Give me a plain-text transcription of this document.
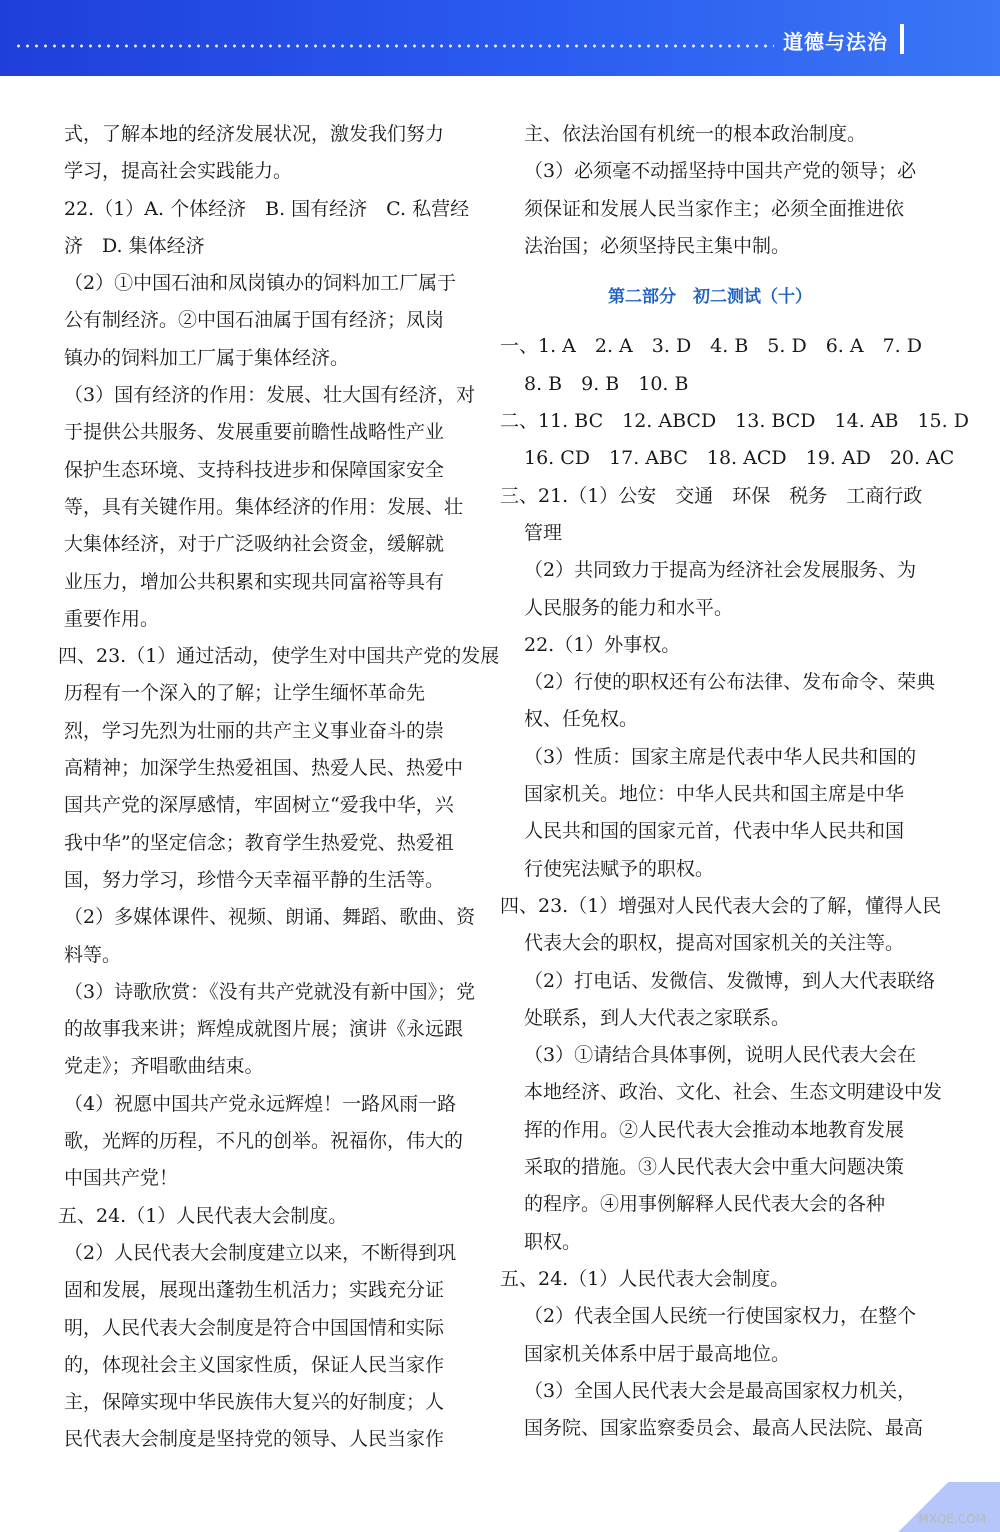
道德与法治
式，了解本地的经济发展状况，激发我们努力
学习，提高社会实践能力。
22.（1）A. 个体经济　B. 国有经济　C. 私营经
济　D. 集体经济
（2）①中国石油和凤岗镇办的饲料加工厂属于
公有制经济。②中国石油属于国有经济；凤岗
镇办的饲料加工厂属于集体经济。
（3）国有经济的作用：发展、壮大国有经济，对
于提供公共服务、发展重要前瞻性战略性产业
保护生态环境、支持科技进步和保障国家安全
等，具有关键作用。集体经济的作用：发展、壮
大集体经济，对于广泛吸纳社会资金，缓解就
业压力，增加公共积累和实现共同富裕等具有
重要作用。
四、23.（1）通过活动，使学生对中国共产党的发展
历程有一个深入的了解；让学生缅怀革命先
烈，学习先烈为壮丽的共产主义事业奋斗的崇
高精神；加深学生热爱祖国、热爱人民、热爱中
国共产党的深厚感情，牢固树立“爱我中华，兴
我中华”的坚定信念；教育学生热爱党、热爱祖
国，努力学习，珍惜今天幸福平静的生活等。
（2）多媒体课件、视频、朗诵、舞蹈、歌曲、资
料等。
（3）诗歌欣赏：《没有共产党就没有新中国》；党
的故事我来讲；辉煌成就图片展；演讲《永远跟
党走》；齐唱歌曲结束。
（4）祝愿中国共产党永远辉煌！一路风雨一路
歌，光辉的历程，不凡的创举。祝福你，伟大的
中国共产党！
五、24.（1）人民代表大会制度。
（2）人民代表大会制度建立以来，不断得到巩
固和发展，展现出蓬勃生机活力；实践充分证
明，人民代表大会制度是符合中国国情和实际
的，体现社会主义国家性质，保证人民当家作
主，保障实现中华民族伟大复兴的好制度；人
民代表大会制度是坚持党的领导、人民当家作
主、依法治国有机统一的根本政治制度。
（3）必须毫不动摇坚持中国共产党的领导；必
须保证和发展人民当家作主；必须全面推进依
法治国；必须坚持民主集中制。
第二部分　初二测试（十）
一、1. A　2. A　3. D　4. B　5. D　6. A　7. D
8. B　9. B　10. B
二、11. BC　12. ABCD　13. BCD　14. AB　15. D
16. CD　17. ABC　18. ACD　19. AD　20. AC
三、21.（1）公安　交通　环保　税务　工商行政
管理
（2）共同致力于提高为经济社会发展服务、为
人民服务的能力和水平。
22.（1）外事权。
（2）行使的职权还有公布法律、发布命令、荣典
权、任免权。
（3）性质：国家主席是代表中华人民共和国的
国家机关。地位：中华人民共和国主席是中华
人民共和国的国家元首，代表中华人民共和国
行使宪法赋予的职权。
四、23.（1）增强对人民代表大会的了解，懂得人民
代表大会的职权，提高对国家机关的关注等。
（2）打电话、发微信、发微博，到人大代表联络
处联系，到人大代表之家联系。
（3）①请结合具体事例，说明人民代表大会在
本地经济、政治、文化、社会、生态文明建设中发
挥的作用。②人民代表大会推动本地教育发展
采取的措施。③人民代表大会中重大问题决策
的程序。④用事例解释人民代表大会的各种
职权。
五、24.（1）人民代表大会制度。
（2）代表全国人民统一行使国家权力，在整个
国家机关体系中居于最高地位。
（3）全国人民代表大会是最高国家权力机关，
国务院、国家监察委员会、最高人民法院、最高
MXQE.COM
